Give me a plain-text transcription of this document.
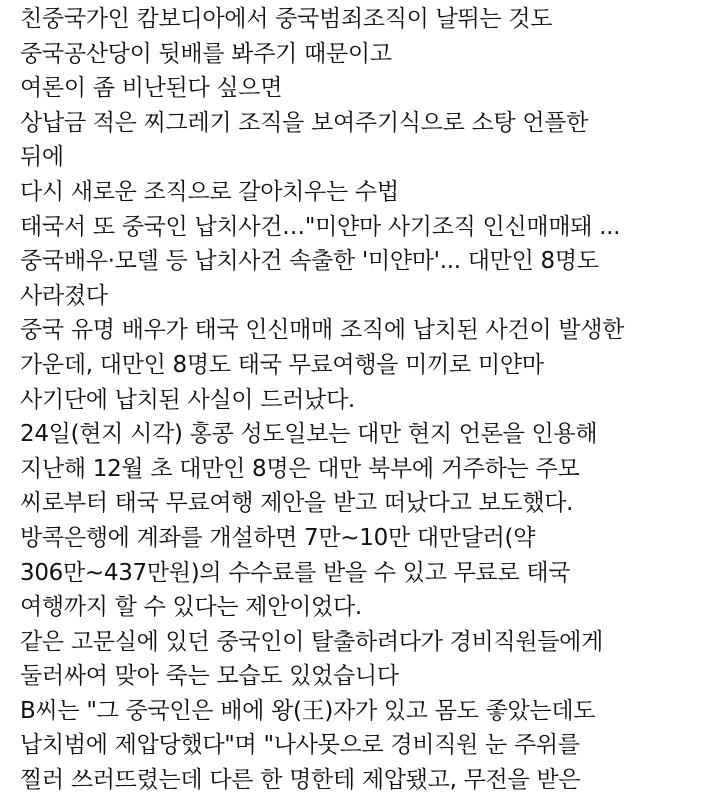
친중국가인 캄보디아에서 중국범죄조직이 날뛰는 것도
중국공산당이 뒷배를 봐주기 때문이고
여론이 좀 비난된다 싶으면
상납금 적은 찌그레기 조직을 보여주기식으로 소탕 언플한
뒤에
다시 새로운 조직으로 갈아치우는 수법
태국서 또 중국인 납치사건…"미얀마 사기조직 인신매매돼 ...
중국배우·모델 등 납치사건 속출한 '미얀마'... 대만인 8명도
사라졌다
중국 유명 배우가 태국 인신매매 조직에 납치된 사건이 발생한
가운데, 대만인 8명도 태국 무료여행을 미끼로 미얀마
사기단에 납치된 사실이 드러났다.
24일(현지 시각) 홍콩 성도일보는 대만 현지 언론을 인용해
지난해 12월 초 대만인 8명은 대만 북부에 거주하는 주모
씨로부터 태국 무료여행 제안을 받고 떠났다고 보도했다.
방콕은행에 계좌를 개설하면 7만~10만 대만달러(약
306만~437만원)의 수수료를 받을 수 있고 무료로 태국
여행까지 할 수 있다는 제안이었다.
같은 고문실에 있던 중국인이 탈출하려다가 경비직원들에게
둘러싸여 맞아 죽는 모습도 있었습니다
B씨는 "그 중국인은 배에 왕(王)자가 있고 몸도 좋았는데도
납치범에 제압당했다"며 "나사못으로 경비직원 눈 주위를
찔러 쓰러뜨렸는데 다른 한 명한테 제압됐고, 무전을 받은
